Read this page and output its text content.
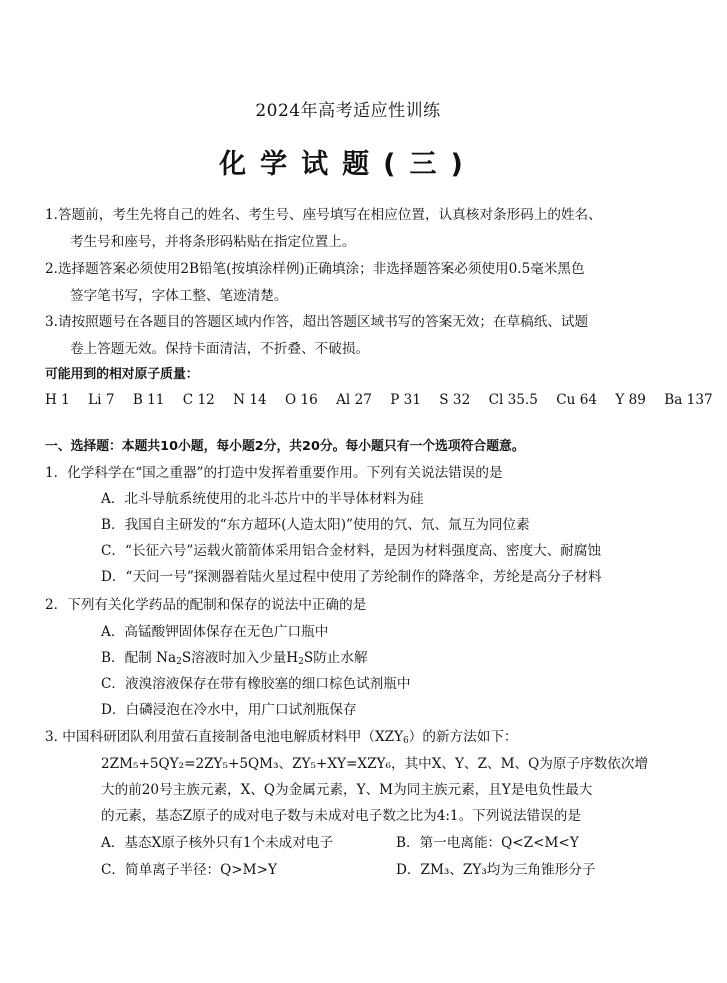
2024年高考适应性训练
化学试题(三)
1.答题前，考生先将自己的姓名、考生号、座号填写在相应位置，认真核对条形码上的姓名、
考生号和座号，并将条形码粘贴在指定位置上。
2.选择题答案必须使用2B铅笔(按填涂样例)正确填涂；非选择题答案必须使用0.5毫米黑色
签字笔书写，字体工整、笔迹清楚。
3.请按照题号在各题目的答题区域内作答，超出答题区域书写的答案无效；在草稿纸、试题
卷上答题无效。保持卡面清洁，不折叠、不破损。
可能用到的相对原子质量：
H 1 Li 7 B 11 C 12 N 14 O 16 Al 27 P 31 S 32 Cl 35.5 Cu 64 Y 89 Ba 137
一、选择题：本题共10小题，每小题2分，共20分。每小题只有一个选项符合题意。
1．化学科学在“国之重器”的打造中发挥着重要作用。下列有关说法错误的是
A．北斗导航系统使用的北斗芯片中的半导体材料为硅
B．我国自主研发的“东方超环(人造太阳)”使用的氕、氘、氚互为同位素
C．“长征六号”运载火箭箭体采用铝合金材料，是因为材料强度高、密度大、耐腐蚀
D．“天问一号”探测器着陆火星过程中使用了芳纶制作的降落伞，芳纶是高分子材料
2．下列有关化学药品的配制和保存的说法中正确的是
A．高锰酸钾固体保存在无色广口瓶中
B．配制 $Na_2S$溶液时加入少量$H_2S$防止水解
C．液溴溶液保存在带有橡胶塞的细口棕色试剂瓶中
D．白磷浸泡在冷水中，用广口试剂瓶保存
3. 中国科研团队利用萤石直接制备电池电解质材料甲$(XZY_6)$的新方法如下：
2ZM₅+5QY₂=2ZY₅+5QM₃、ZY₅+XY=XZY₆，其中X、Y、Z、M、Q为原子序数依次增
大的前20号主族元素，X、Q为金属元素，Y、M为同主族元素，且Y是电负性最大
的元素，基态Z原子的成对电子数与未成对电子数之比为4:1。下列说法错误的是
A．基态X原子核外只有1个未成对电子	B．第一电离能：Q<Z<M<Y
C．简单离子半径：Q>M>Y	D．ZM₃、ZY₃均为三角锥形分子
